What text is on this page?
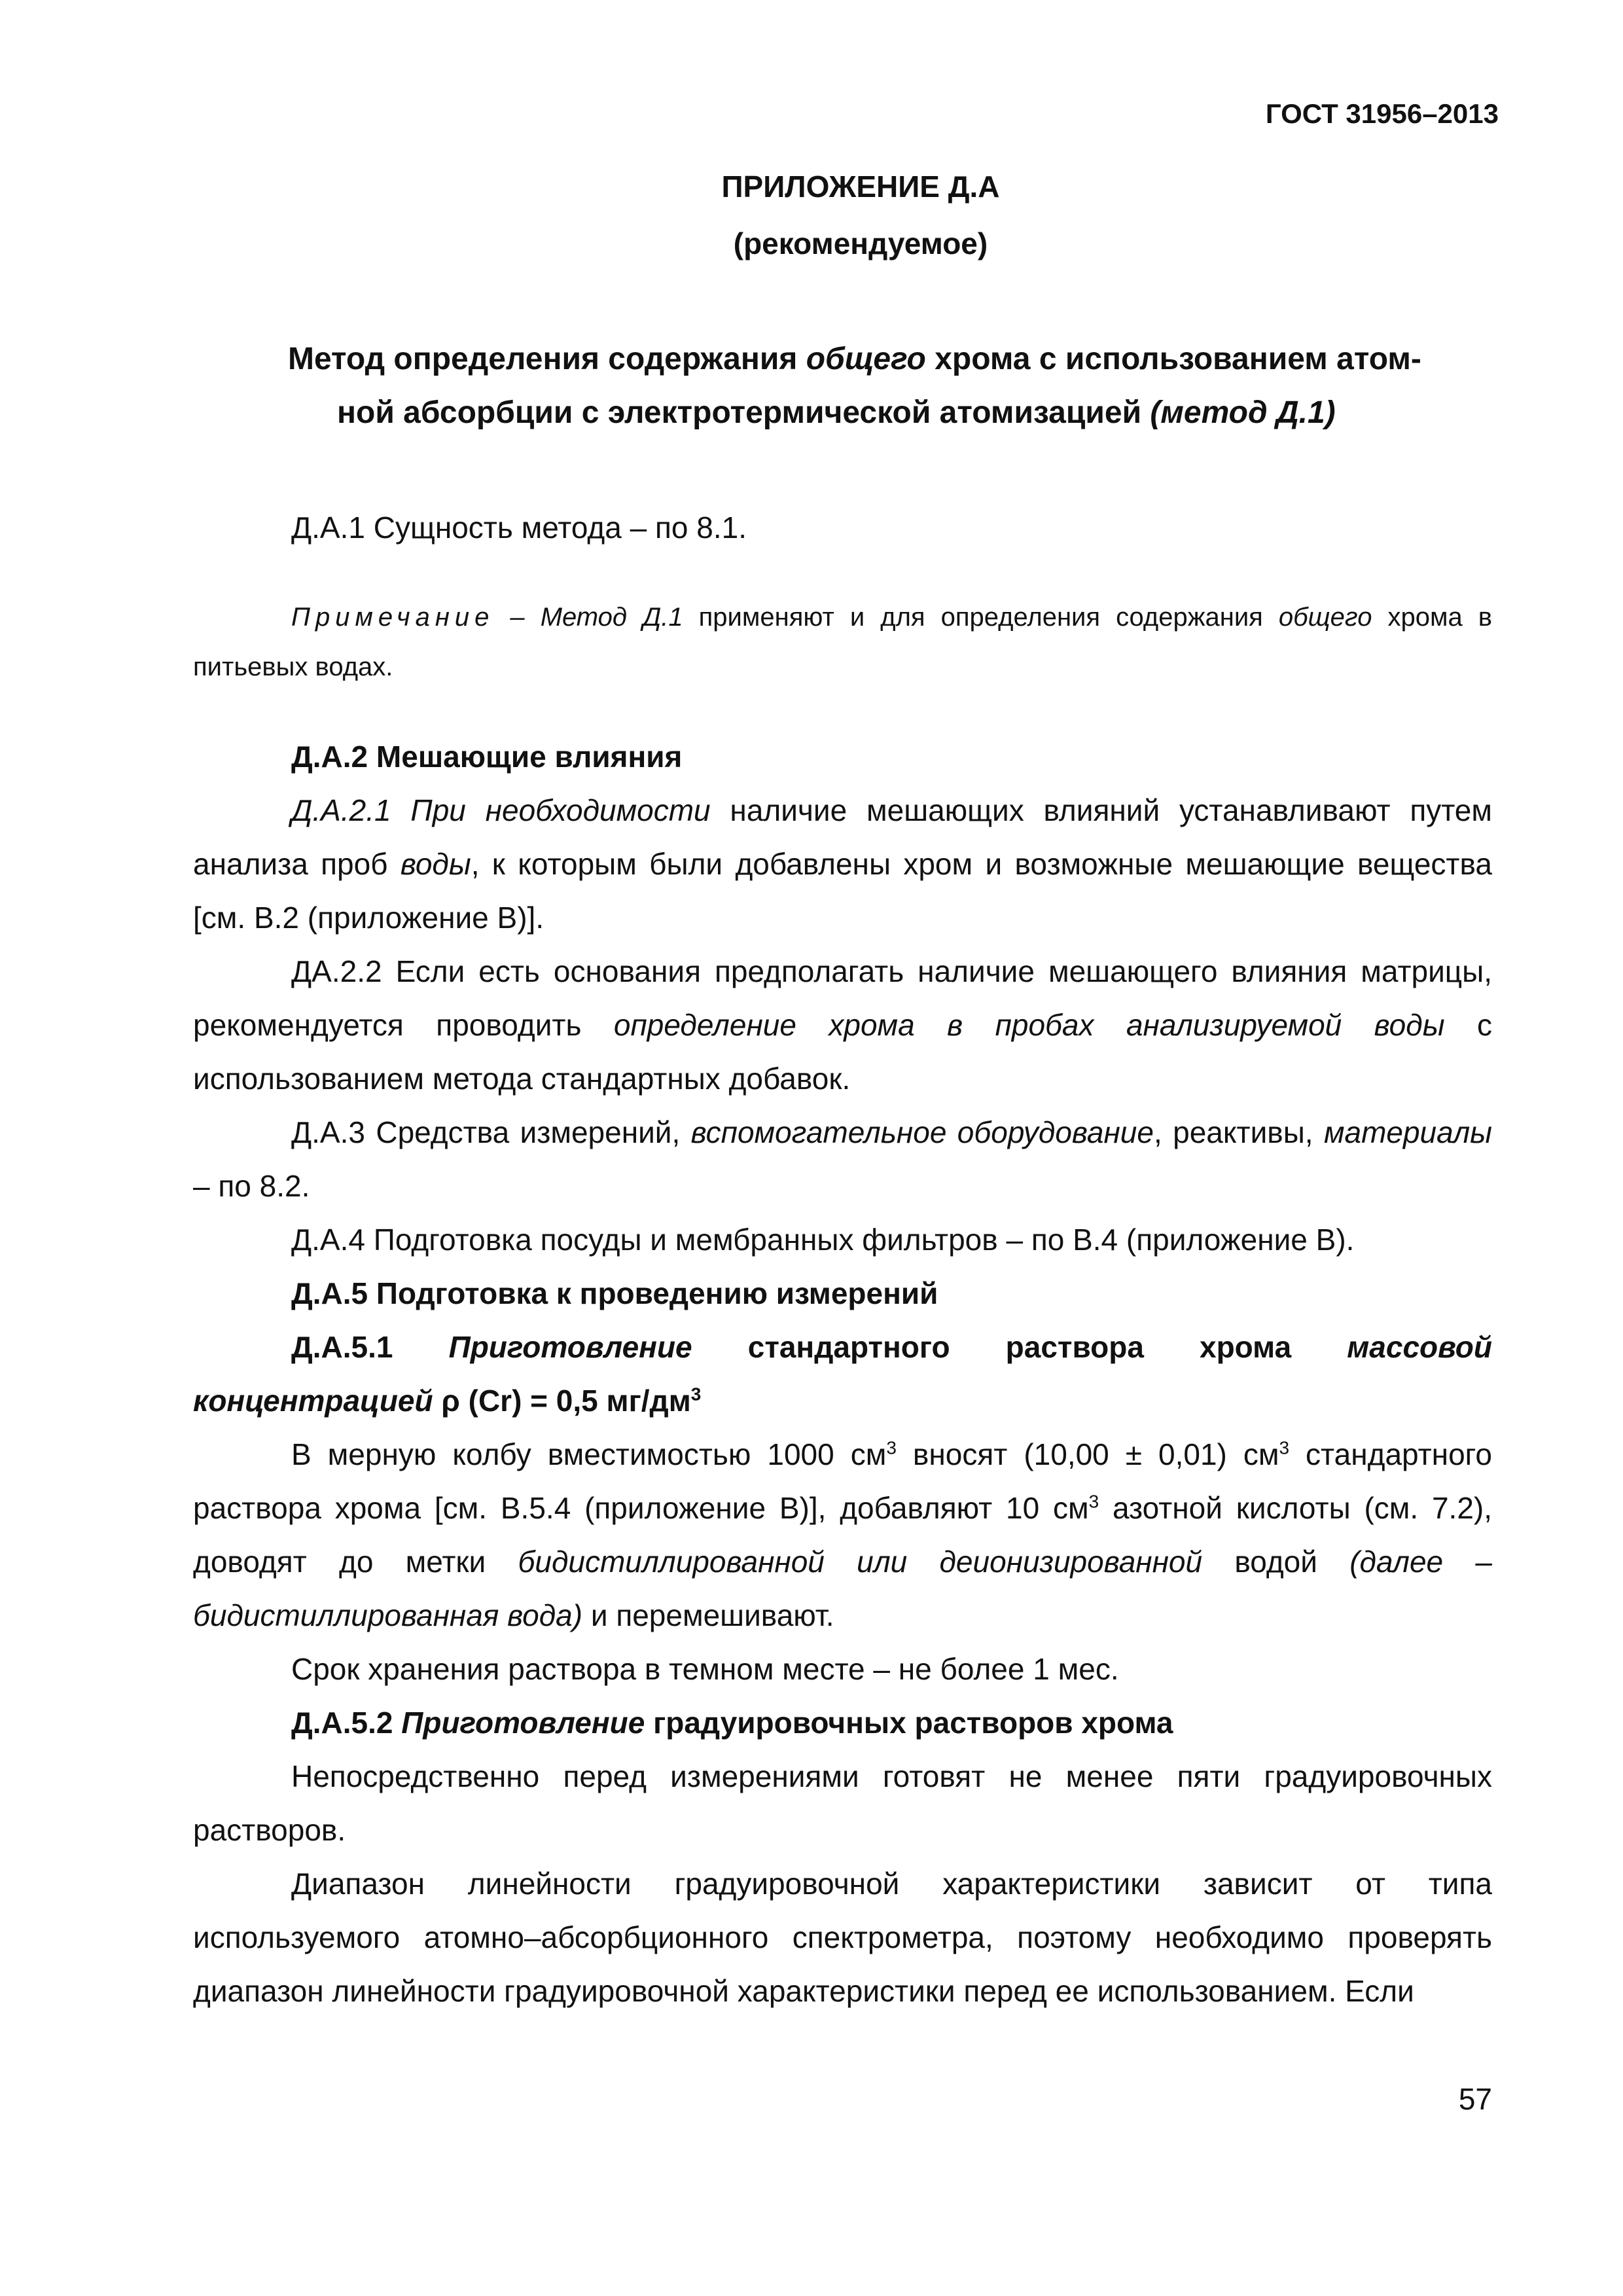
ГОСТ 31956–2013
ПРИЛОЖЕНИЕ Д.А
(рекомендуемое)
Метод определения содержания общего хрома с использованием атом-
ной абсорбции с электротермической атомизацией (метод Д.1)

Д.А.1 Сущность метода – по 8.1.

Примечание – Метод Д.1 применяют и для определения содержания общего хрома в питьевых водах.

Д.А.2 Мешающие влияния

Д.А.2.1 При необходимости наличие мешающих влияний устанавливают путем анализа проб воды, к которым были добавлены хром и возможные мешающие вещества [см. В.2 (приложение В)].

ДА.2.2 Если есть основания предполагать наличие мешающего влияния матрицы, рекомендуется проводить определение хрома в пробах анализируемой воды с использованием метода стандартных добавок.

Д.А.3 Средства измерений, вспомогательное оборудование, реактивы, материалы – по 8.2.

Д.А.4 Подготовка посуды и мембранных фильтров – по В.4 (приложение В).

Д.А.5 Подготовка к проведению измерений

Д.А.5.1 Приготовление стандартного раствора хрома массовой концентрацией ρ (Cr) = 0,5 $мг/дм^3$

В мерную колбу вместимостью 1000 $см^3$ вносят (10,00 ± 0,01) $см^3$ стандартного раствора хрома [см. В.5.4 (приложение В)], добавляют 10 $см^3$ азотной кислоты (см. 7.2), доводят до метки бидистиллированной или деионизированной водой (далее – бидистиллированная вода) и перемешивают.

Срок хранения раствора в темном месте – не более 1 мес.

Д.А.5.2 Приготовление градуировочных растворов хрома

Непосредственно перед измерениями готовят не менее пяти градуировочных растворов.

Диапазон линейности градуировочной характеристики зависит от типа используемого атомно–абсорбционного спектрометра, поэтому необходимо проверять диапазон линейности градуировочной характеристики перед ее использованием. Если

57
